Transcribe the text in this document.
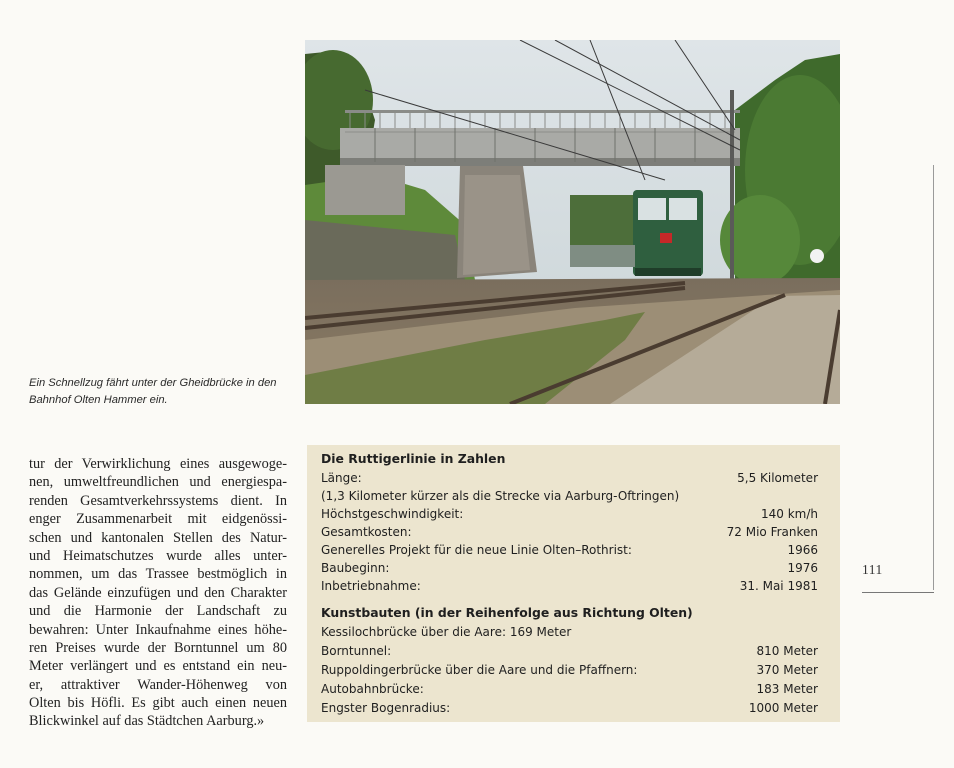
Ein Schnellzug fährt unter der Gheidbrücke in den
Bahnhof Olten Hammer ein.
tur der Verwirklichung eines ausgewoge-
nen, umweltfreundlichen und energiespa-
renden Gesamtverkehrssystems dient. In
enger Zusammenarbeit mit eidgenössi-
schen und kantonalen Stellen des Natur-
und Heimatschutzes wurde alles unter-
nommen, um das Trassee bestmöglich in
das Gelände einzufügen und den Charakter
und die Harmonie der Landschaft zu
bewahren: Unter Inkaufnahme eines höhe-
ren Preises wurde der Borntunnel um 80
Meter verlängert und es entstand ein neu-
er, attraktiver Wander-Höhenweg von
Olten bis Höfli. Es gibt auch einen neuen
Blickwinkel auf das Städtchen Aarburg.»
Die Ruttigerlinie in Zahlen
Länge:	5,5 Kilometer
(1,3 Kilometer kürzer als die Strecke via Aarburg-Oftringen)
Höchstgeschwindigkeit:	140 km/h
Gesamtkosten:	72 Mio Franken
Generelles Projekt für die neue Linie Olten–Rothrist:	1966
Baubeginn:	1976
Inbetriebnahme:	31. Mai 1981
Kunstbauten (in der Reihenfolge aus Richtung Olten)
Kessilochbrücke über die Aare: 169 Meter
Borntunnel:	810 Meter
Ruppoldingerbrücke über die Aare und die Pfaffnern:	370 Meter
Autobahnbrücke:	183 Meter
Engster Bogenradius:	1000 Meter
111
